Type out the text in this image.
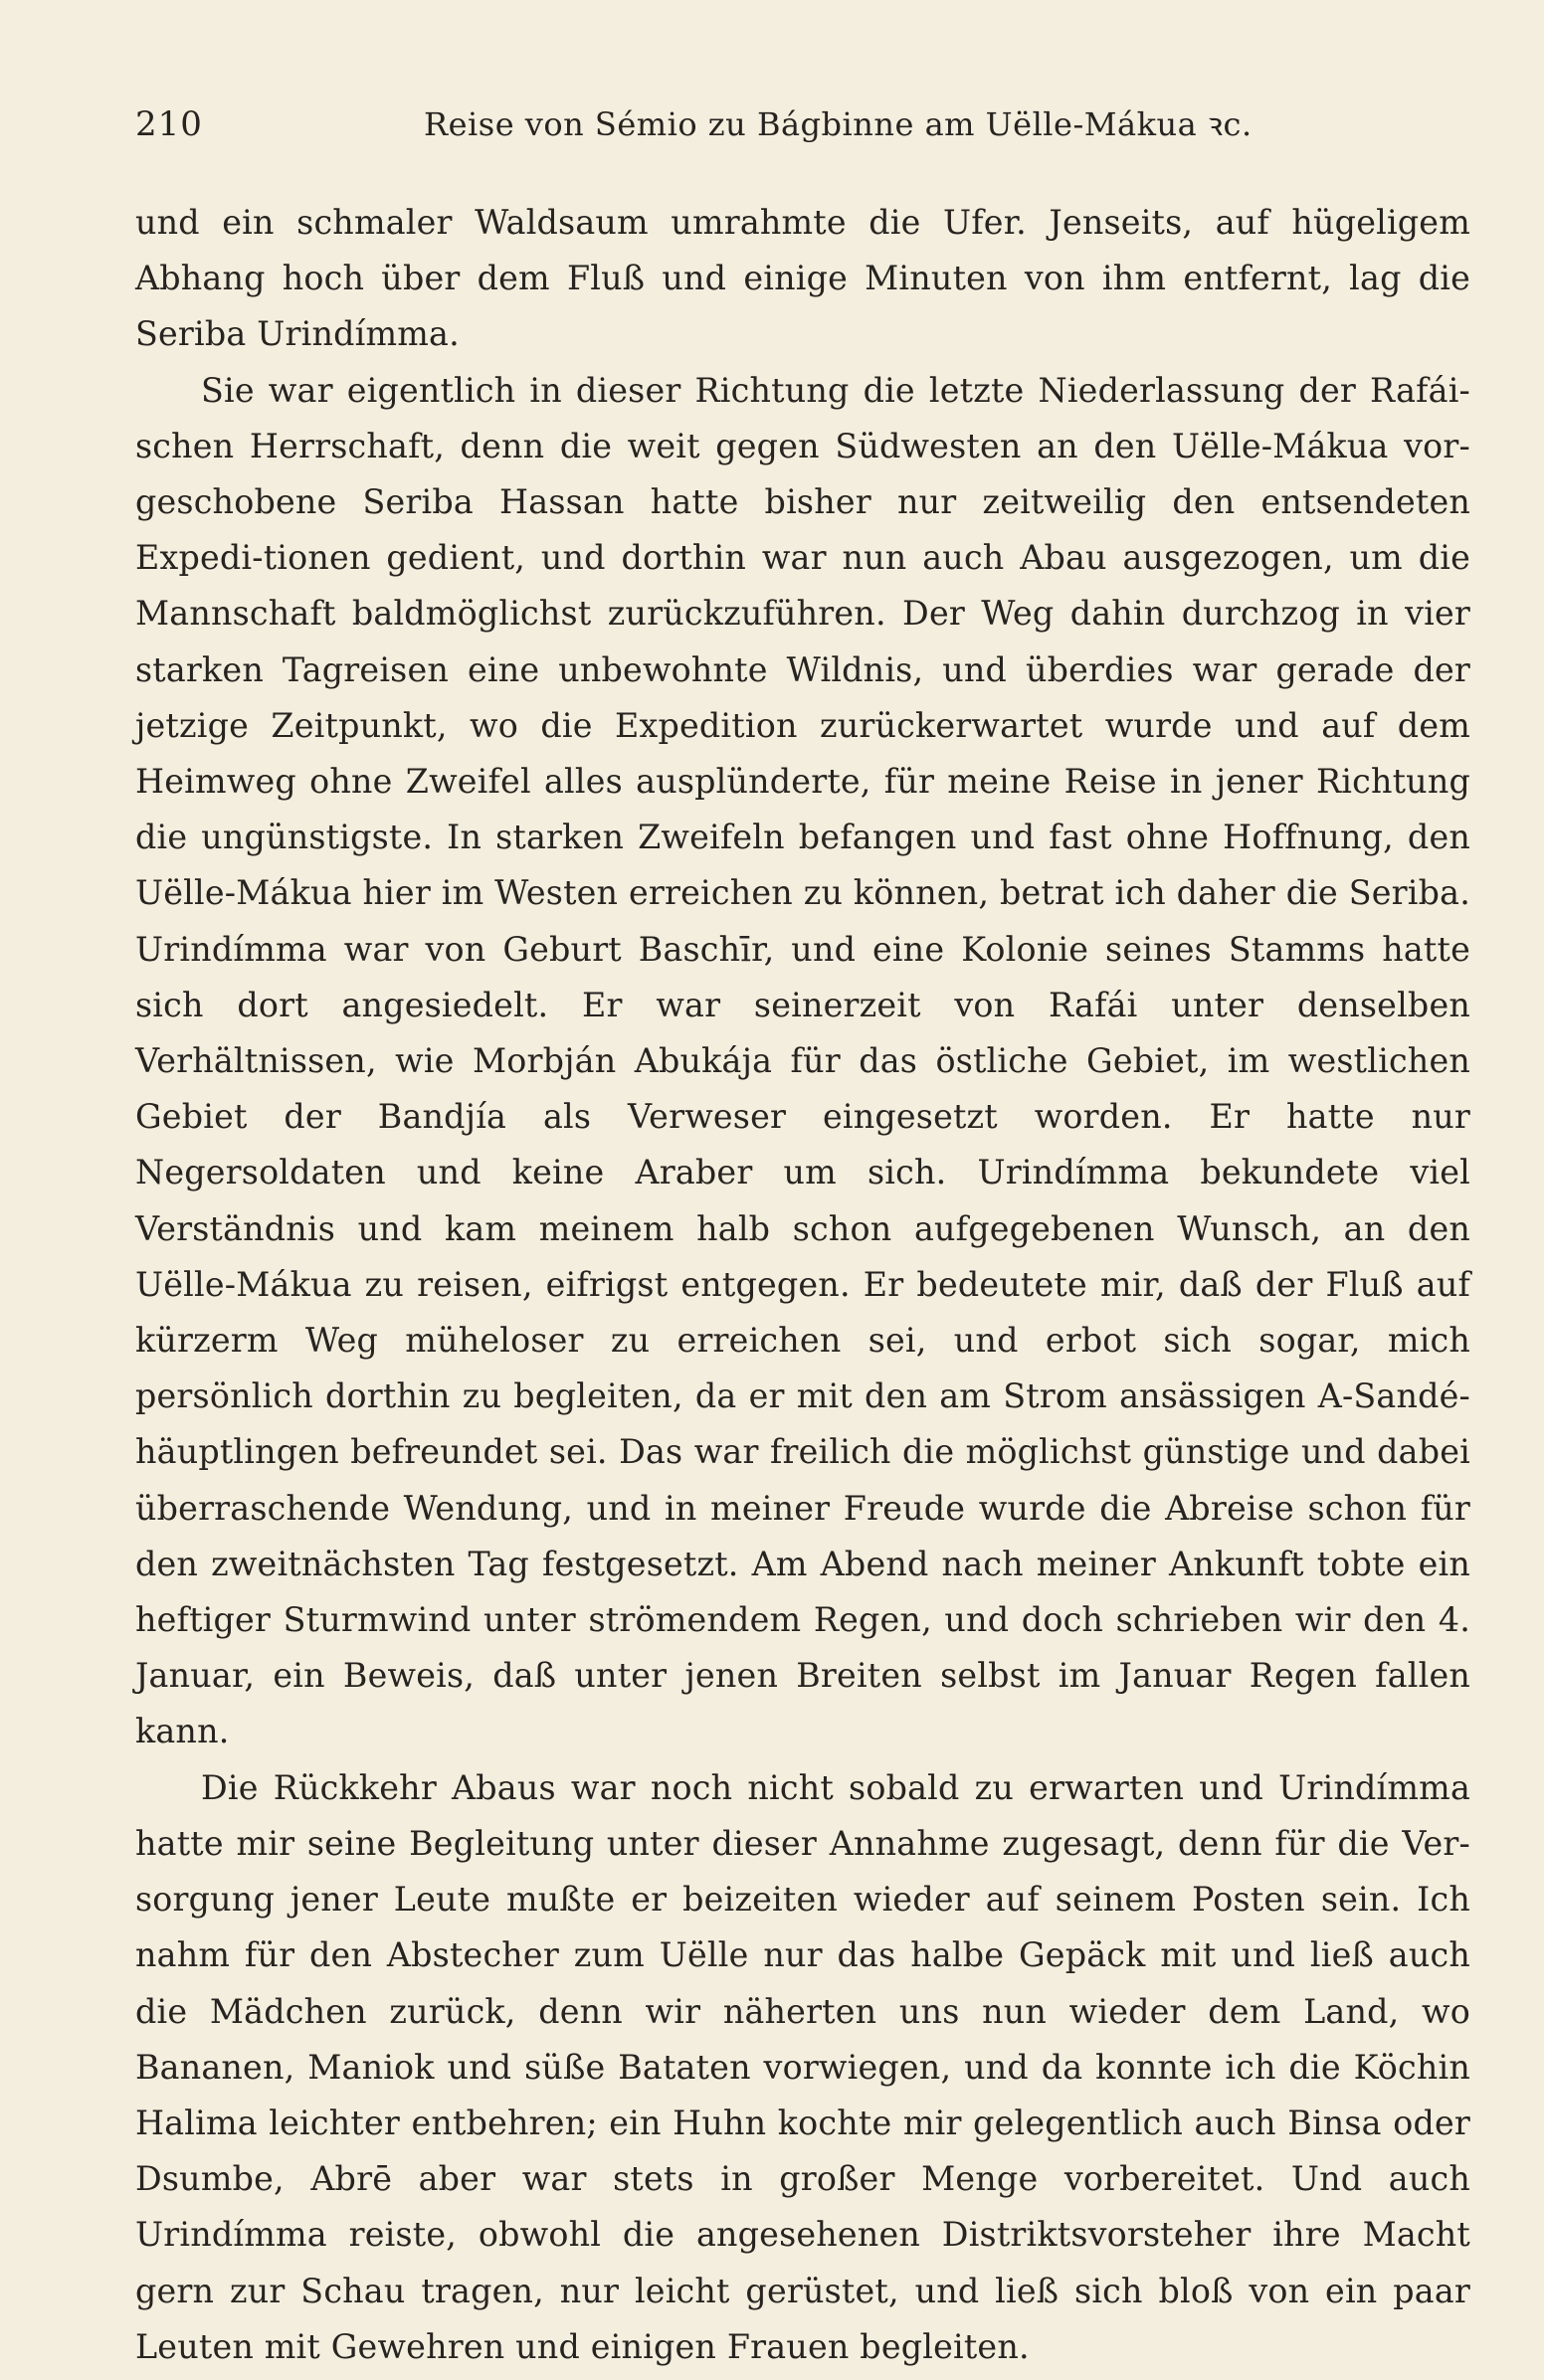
210	Reise von Sémio zu Bágbinne am Uëlle-Mákua ꝛc.

und ein schmaler Waldsaum umrahmte die Ufer. Jenseits, auf hügeligem Abhang hoch über dem Fluß und einige Minuten von ihm entfernt, lag die Seriba Urindímma.

Sie war eigentlich in dieser Richtung die letzte Niederlassung der Rafái-schen Herrschaft, denn die weit gegen Südwesten an den Uëlle-Mákua vor-geschobene Seriba Hassan hatte bisher nur zeitweilig den entsendeten Expedi-tionen gedient, und dorthin war nun auch Abau ausgezogen, um die Mannschaft baldmöglichst zurückzuführen. Der Weg dahin durchzog in vier starken Tagreisen eine unbewohnte Wildnis, und überdies war gerade der jetzige Zeitpunkt, wo die Expedition zurückerwartet wurde und auf dem Heimweg ohne Zweifel alles ausplünderte, für meine Reise in jener Richtung die ungünstigste. In starken Zweifeln befangen und fast ohne Hoffnung, den Uëlle-Mákua hier im Westen erreichen zu können, betrat ich daher die Seriba. Urindímma war von Geburt Baschīr, und eine Kolonie seines Stamms hatte sich dort angesiedelt. Er war seinerzeit von Rafái unter denselben Verhältnissen, wie Morbján Abukája für das östliche Gebiet, im westlichen Gebiet der Bandjía als Verweser eingesetzt worden. Er hatte nur Negersoldaten und keine Araber um sich. Urindímma bekundete viel Verständnis und kam meinem halb schon aufgegebenen Wunsch, an den Uëlle-Mákua zu reisen, eifrigst entgegen. Er bedeutete mir, daß der Fluß auf kürzerm Weg müheloser zu erreichen sei, und erbot sich sogar, mich persönlich dorthin zu begleiten, da er mit den am Strom ansässigen A-Sandé-häuptlingen befreundet sei. Das war freilich die möglichst günstige und dabei überraschende Wendung, und in meiner Freude wurde die Abreise schon für den zweitnächsten Tag festgesetzt. Am Abend nach meiner Ankunft tobte ein heftiger Sturmwind unter strömendem Regen, und doch schrieben wir den 4. Januar, ein Beweis, daß unter jenen Breiten selbst im Januar Regen fallen kann.

Die Rückkehr Abaus war noch nicht sobald zu erwarten und Urindímma hatte mir seine Begleitung unter dieser Annahme zugesagt, denn für die Ver-sorgung jener Leute mußte er beizeiten wieder auf seinem Posten sein. Ich nahm für den Abstecher zum Uëlle nur das halbe Gepäck mit und ließ auch die Mädchen zurück, denn wir näherten uns nun wieder dem Land, wo Bananen, Maniok und süße Bataten vorwiegen, und da konnte ich die Köchin Halima leichter entbehren; ein Huhn kochte mir gelegentlich auch Binsa oder Dsumbe, Abrē aber war stets in großer Menge vorbereitet. Und auch Urindímma reiste, obwohl die angesehenen Distriktsvorsteher ihre Macht gern zur Schau tragen, nur leicht gerüstet, und ließ sich bloß von ein paar Leuten mit Gewehren und einigen Frauen begleiten.
